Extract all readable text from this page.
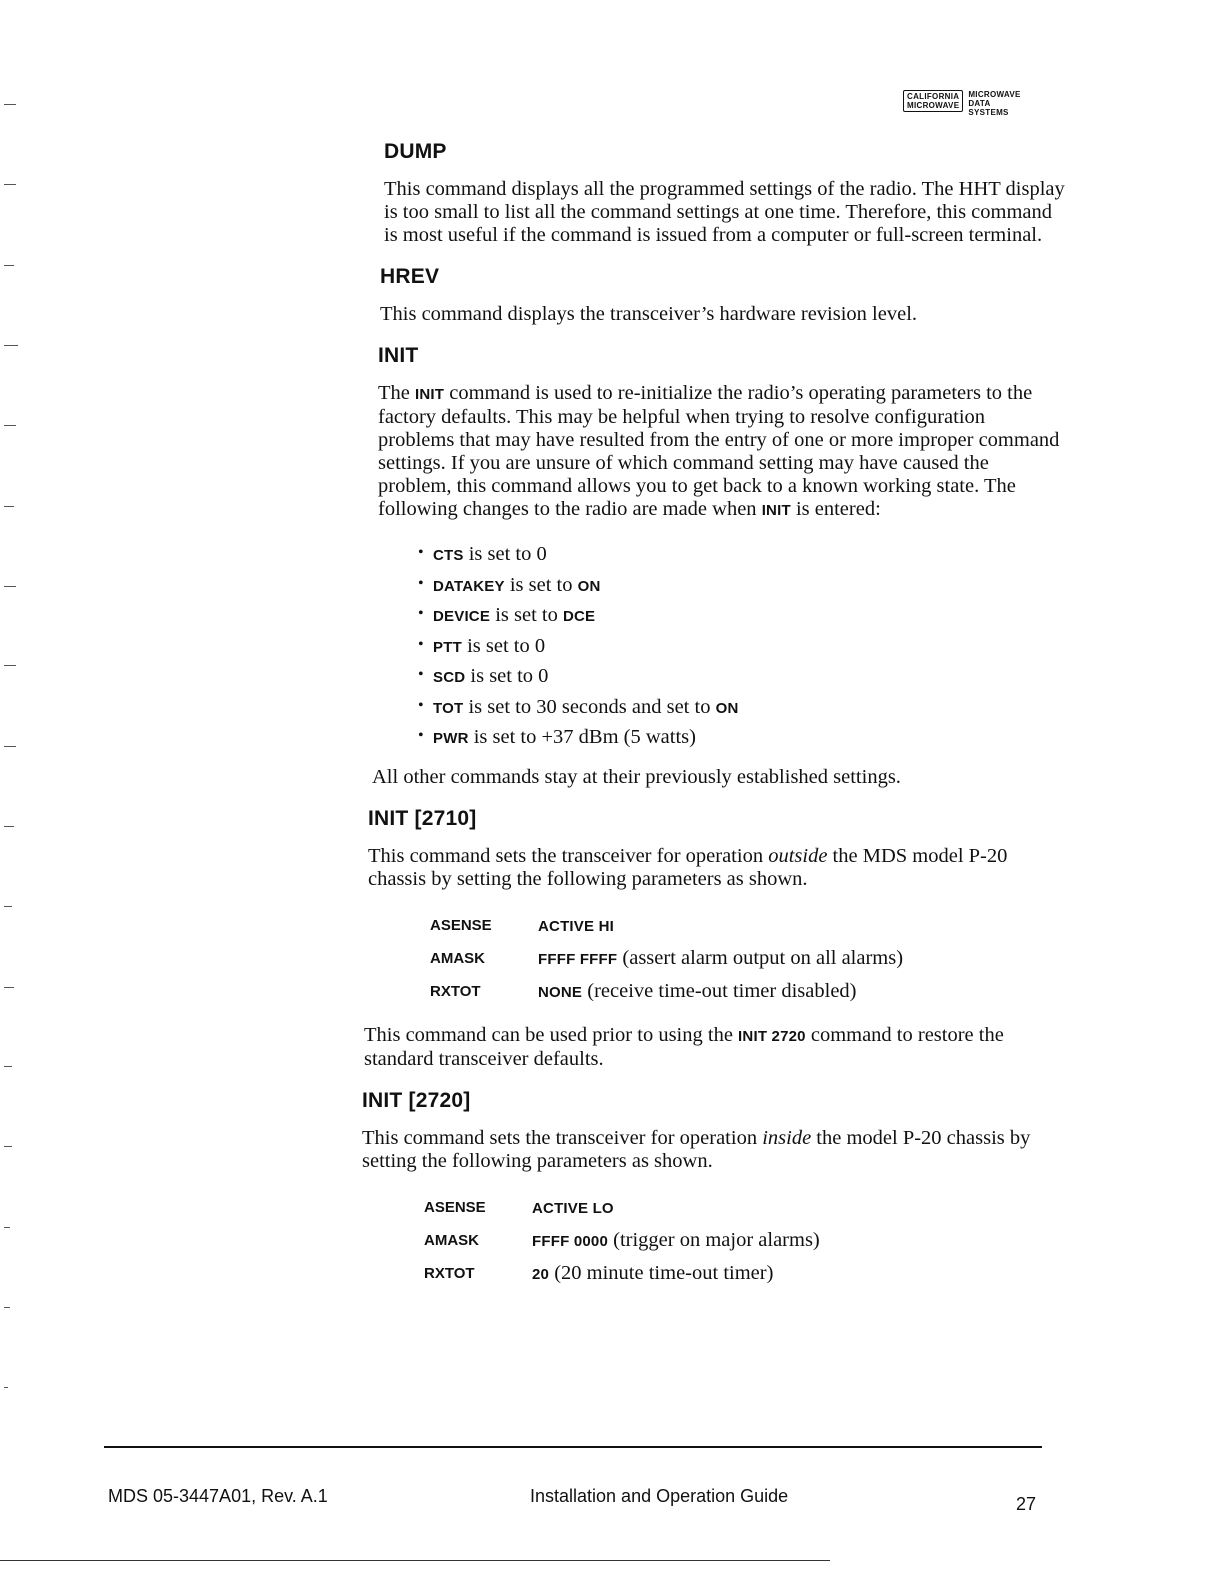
CALIFORNIA
MICROWAVE
MICROWAVE
DATA
SYSTEMS
DUMP

This command displays all the programmed settings of the radio. The HHT display is too small to list all the command settings at one time. Therefore, this command is most useful if the command is issued from a computer or full-screen terminal.

HREV

This command displays the transceiver’s hardware revision level.

INIT

The INIT command is used to re-initialize the radio’s operating parameters to the factory defaults. This may be helpful when trying to resolve configuration problems that may have resulted from the entry of one or more improper command settings. If you are unsure of which command setting may have caused the problem, this command allows you to get back to a known working state. The following changes to the radio are made when INIT is entered:

• CTS is set to 0
• DATAKEY is set to ON
• DEVICE is set to DCE
• PTT is set to 0
• SCD is set to 0
• TOT is set to 30 seconds and set to ON
• PWR is set to +37 dBm (5 watts)

All other commands stay at their previously established settings.

INIT [2710]

This command sets the transceiver for operation outside the MDS model P-20 chassis by setting the following parameters as shown.

ASENSE	ACTIVE HI
AMASK	FFFF FFFF (assert alarm output on all alarms)
RXTOT	NONE (receive time-out timer disabled)

This command can be used prior to using the INIT 2720 command to restore the standard transceiver defaults.

INIT [2720]

This command sets the transceiver for operation inside the model P-20 chassis by setting the following parameters as shown.

ASENSE	ACTIVE LO
AMASK	FFFF 0000 (trigger on major alarms)
RXTOT	20 (20 minute time-out timer)
MDS 05-3447A01, Rev. A.1	Installation and Operation Guide	27
